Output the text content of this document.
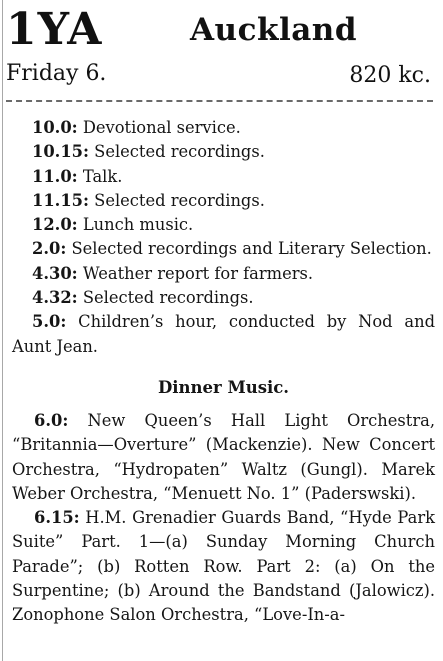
1YA	Auckland
Friday 6.	820 kc.

10.0: Devotional service.

10.15: Selected recordings.

11.0: Talk.

11.15: Selected recordings.

12.0: Lunch music.

2.0: Selected recordings and Literary Selection.

4.30: Weather report for farmers.

4.32: Selected recordings.

5.0: Children’s hour, conducted by Nod and Aunt Jean.

Dinner Music.

6.0: New Queen’s Hall Light Orchestra, “Britannia—Overture” (Mackenzie). New Concert Orchestra, “Hydropaten” Waltz (Gungl). Marek Weber Orchestra, “Menuett No. 1” (Paderswski).

6.15: H.M. Grenadier Guards Band, “Hyde Park Suite” Part. 1—(a) Sunday Morning Church Parade”; (b) Rotten Row. Part 2: (a) On the Surpentine; (b) Around the Bandstand (Jalowicz). Zonophone Salon Orchestra, “Love-In-a-
